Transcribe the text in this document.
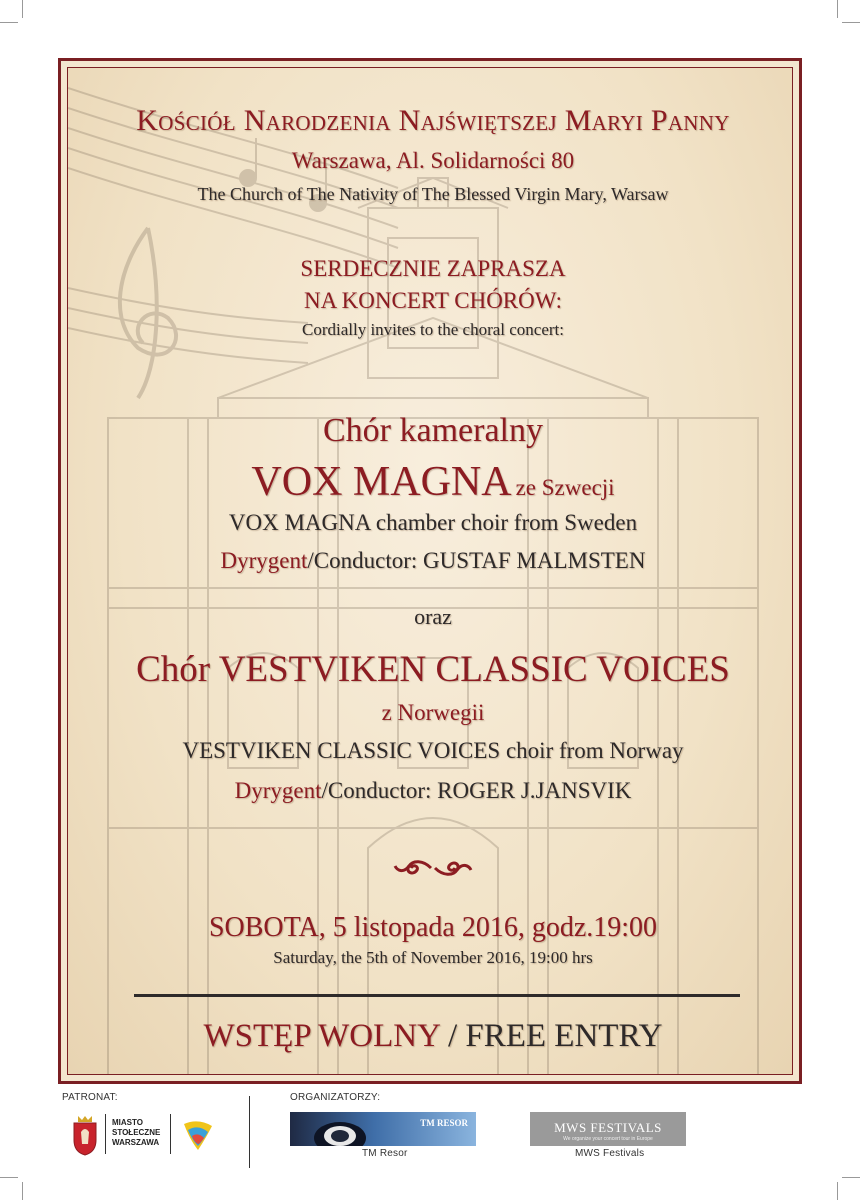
Kościół Narodzenia Najświętszej Maryi Panny
Warszawa, Al. Solidarności 80
The Church of The Nativity of The Blessed Virgin Mary, Warsaw
SERDECZNIE ZAPRASZA
NA KONCERT CHÓRÓW:
Cordially invites to the choral concert:
Chór kameralny
VOX MAGNA ze Szwecji
VOX MAGNA chamber choir from Sweden
Dyrygent/Conductor: GUSTAF MALMSTEN
oraz
Chór VESTVIKEN CLASSIC VOICES
z Norwegii
VESTVIKEN CLASSIC VOICES choir from Norway
Dyrygent/Conductor: ROGER J.JANSVIK
SOBOTA, 5 listopada 2016, godz.19:00
Saturday, the 5th of November 2016, 19:00 hrs
WSTĘP WOLNY / FREE ENTRY
PATRONAT:
MIASTO
STOŁECZNE
WARSZAWA
ORGANIZATORZY:
TM RESOR
TM Resor
MWS FESTIVALS
We organize your concert tour in Europe
MWS Festivals
